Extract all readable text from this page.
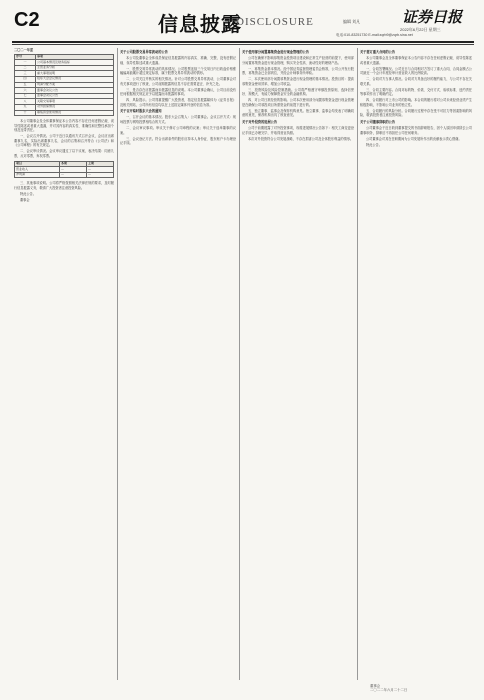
C2	信息披露
DISCLOSURE	编辑 刘凡	证券日报
2022年6月22日 星期三
电话:010-83251730 E-mail:zqrb9@zqrb.sina.net
二〇二一年度
序号	事项
一	公司基本情况及财务指标
二	主营业务分析
三	重大事项说明
四	股东大会会议情况
五	利润分配方案
六	董事会决议公告
七	监事会决议公告
八	关联交易事项
九	对外担保情况
十	募集资金使用情况

本公司董事会及全体董事保证本公告内容不存在任何虚假记载、误导性陈述或者重大遗漏，并对其内容的真实性、准确性和完整性承担个别及连带责任。

一、会议召开情况。公司于近日以通讯方式召开会议，会议应出席董事九名，实际出席董事九名，会议的召集和召开符合《公司法》和《公司章程》的有关规定。

二、会议审议情况。会议审议通过了以下议案，表决结果：同意九票，反对零票，弃权零票。

项目	本期	上期
营业收入	—	—
净利润	—	—

三、其他事项说明。公司将严格按照相关法律法规的要求，及时履行信息披露义务，敬请广大投资者注意投资风险。

特此公告。

董事会

关于公司股票交易异常波动的公告

本公司及董事会全体成员保证信息披露的内容真实、准确、完整，没有虚假记载、误导性陈述或重大遗漏。

一、股票交易异常波动的具体情况。公司股票连续三个交易日内日收盘价格涨幅偏离值累计超过规定标准，属于股票交易异常波动的情形。

二、公司关注并核实的相关情况。针对公司股票交易异常波动，公司董事会对有关事项进行了核查，公司前期披露的信息不存在需要更正、补充之处。

三、是否存在应披露而未披露信息的说明。本公司董事会确认，公司目前没有任何根据相关规定应予以披露而未披露的事项。

四、风险提示。公司郑重提醒广大投资者，指定信息披露媒体为《证券日报》及相关网站，公司所有信息均以在上述指定媒体刊登的信息为准。

关于召开临时股东大会的通知

一、召开会议的基本情况。股东大会召集人：公司董事会。会议召开方式：现场投票与网络投票相结合的方式。

二、会议审议事项。审议关于修订公司章程的议案；审议关于选举董事的议案。

三、会议登记方法。符合出席条件的股东应持本人身份证、股东账户卡办理登记手续。

关于使用部分闲置募集资金进行现金管理的公告

公司在确保不影响募集资金投资项目建设和正常生产经营的前提下，使用部分闲置募集资金进行现金管理，购买安全性高、流动性好的理财产品。

一、募集资金基本情况。经中国证券监督管理委员会核准，公司公开发行股票，募集资金已全部到位，并经会计师事务所审验。

二、本次使用部分闲置募集资金进行现金管理的基本情况。投资目的：提高募集资金使用效率，增加公司收益。

三、投资风险及风险控制措施。公司将严格遵守审慎投资原则，选择信誉好、规模大、有能力保障资金安全的金融机构。

四、对公司日常经营的影响。公司本次使用部分闲置募集资金进行现金管理是在确保公司募投项目所需资金的前提下进行的。

五、独立董事、监事会及保荐机构意见。独立董事、监事会均发表了明确同意的意见，保荐机构出具了核查意见。

关于对外投资的进展公告

公司于前期披露了对外投资事项，现将进展情况公告如下：相关工商变更登记手续已办理完毕，并取得营业执照。

本次对外投资符合公司发展战略，不存在损害公司及全体股东利益的情形。

关于签订重大合同的公告

本公司董事会及全体董事保证本公告内容不存在任何虚假记载、误导性陈述或者重大遗漏。

一、合同签署概况。公司近日与合同相对方签订了重大合同，合同金额占公司最近一个会计年度经审计营业收入的比例较高。

二、合同对方当事人情况。合同对方具备良好的履约能力，与公司不存在关联关系。

三、合同主要内容。合同对标的物、价款、交付方式、验收标准、违约责任等事项作出了明确约定。

四、合同履行对上市公司的影响。本合同的履行将对公司未来经营业绩产生积极影响，不影响公司业务的独立性。

五、合同履行的风险分析。合同履行过程中存在受不可抗力等因素影响的风险，敬请投资者注意投资风险。

关于公司董事辞职的公告

公司董事会于近日收到董事提交的书面辞职报告，因个人原因申请辞去公司董事职务，辞职后不再担任公司任何职务。

公司董事会对其在任职期间为公司发展所作出的贡献表示衷心感谢。

特此公告。

董事会
二〇二二年六月二十二日
